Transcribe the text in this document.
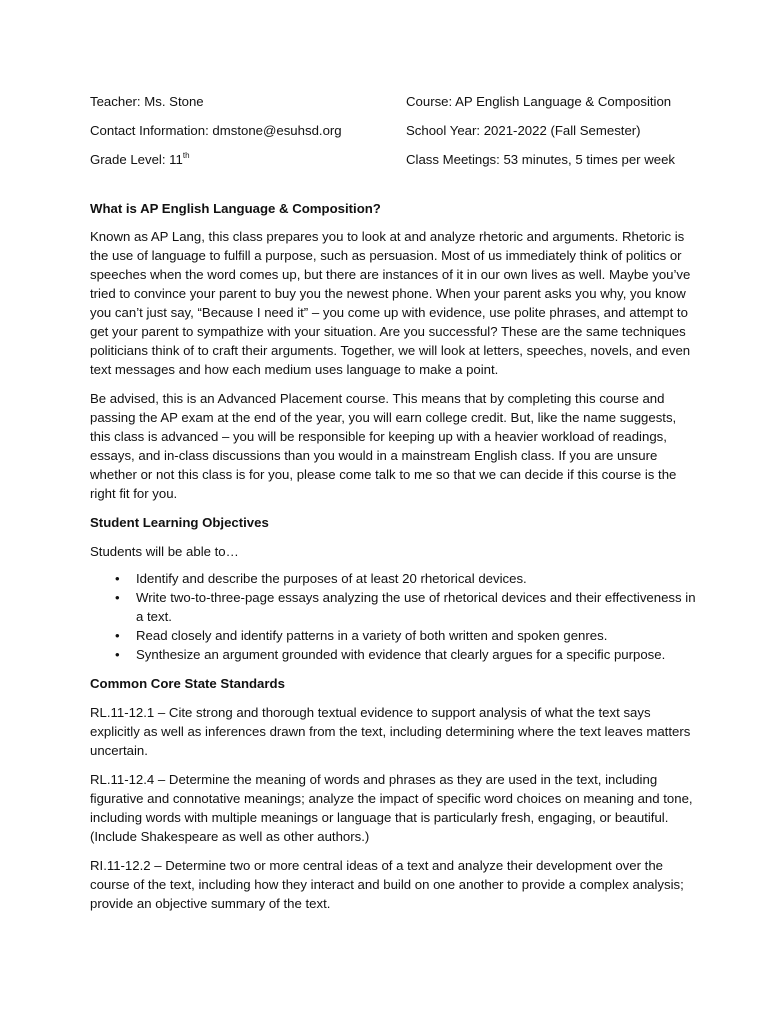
Teacher: Ms. Stone	Course: AP English Language & Composition
Contact Information: dmstone@esuhsd.org	School Year: 2021-2022 (Fall Semester)
Grade Level: 11th	Class Meetings: 53 minutes, 5 times per week

What is AP English Language & Composition?

Known as AP Lang, this class prepares you to look at and analyze rhetoric and arguments. Rhetoric is the use of language to fulfill a purpose, such as persuasion. Most of us immediately think of politics or speeches when the word comes up, but there are instances of it in our own lives as well. Maybe you’ve tried to convince your parent to buy you the newest phone. When your parent asks you why, you know you can’t just say, “Because I need it” – you come up with evidence, use polite phrases, and attempt to get your parent to sympathize with your situation. Are you successful? These are the same techniques politicians think of to craft their arguments. Together, we will look at letters, speeches, novels, and even text messages and how each medium uses language to make a point.

Be advised, this is an Advanced Placement course. This means that by completing this course and passing the AP exam at the end of the year, you will earn college credit. But, like the name suggests, this class is advanced – you will be responsible for keeping up with a heavier workload of readings, essays, and in-class discussions than you would in a mainstream English class. If you are unsure whether or not this class is for you, please come talk to me so that we can decide if this course is the right fit for you.

Student Learning Objectives

Students will be able to…

• Identify and describe the purposes of at least 20 rhetorical devices.
• Write two-to-three-page essays analyzing the use of rhetorical devices and their effectiveness in a text.
• Read closely and identify patterns in a variety of both written and spoken genres.
• Synthesize an argument grounded with evidence that clearly argues for a specific purpose.

Common Core State Standards

RL.11-12.1 – Cite strong and thorough textual evidence to support analysis of what the text says explicitly as well as inferences drawn from the text, including determining where the text leaves matters uncertain.

RL.11-12.4 – Determine the meaning of words and phrases as they are used in the text, including figurative and connotative meanings; analyze the impact of specific word choices on meaning and tone, including words with multiple meanings or language that is particularly fresh, engaging, or beautiful. (Include Shakespeare as well as other authors.)

RI.11-12.2 – Determine two or more central ideas of a text and analyze their development over the course of the text, including how they interact and build on one another to provide a complex analysis; provide an objective summary of the text.
